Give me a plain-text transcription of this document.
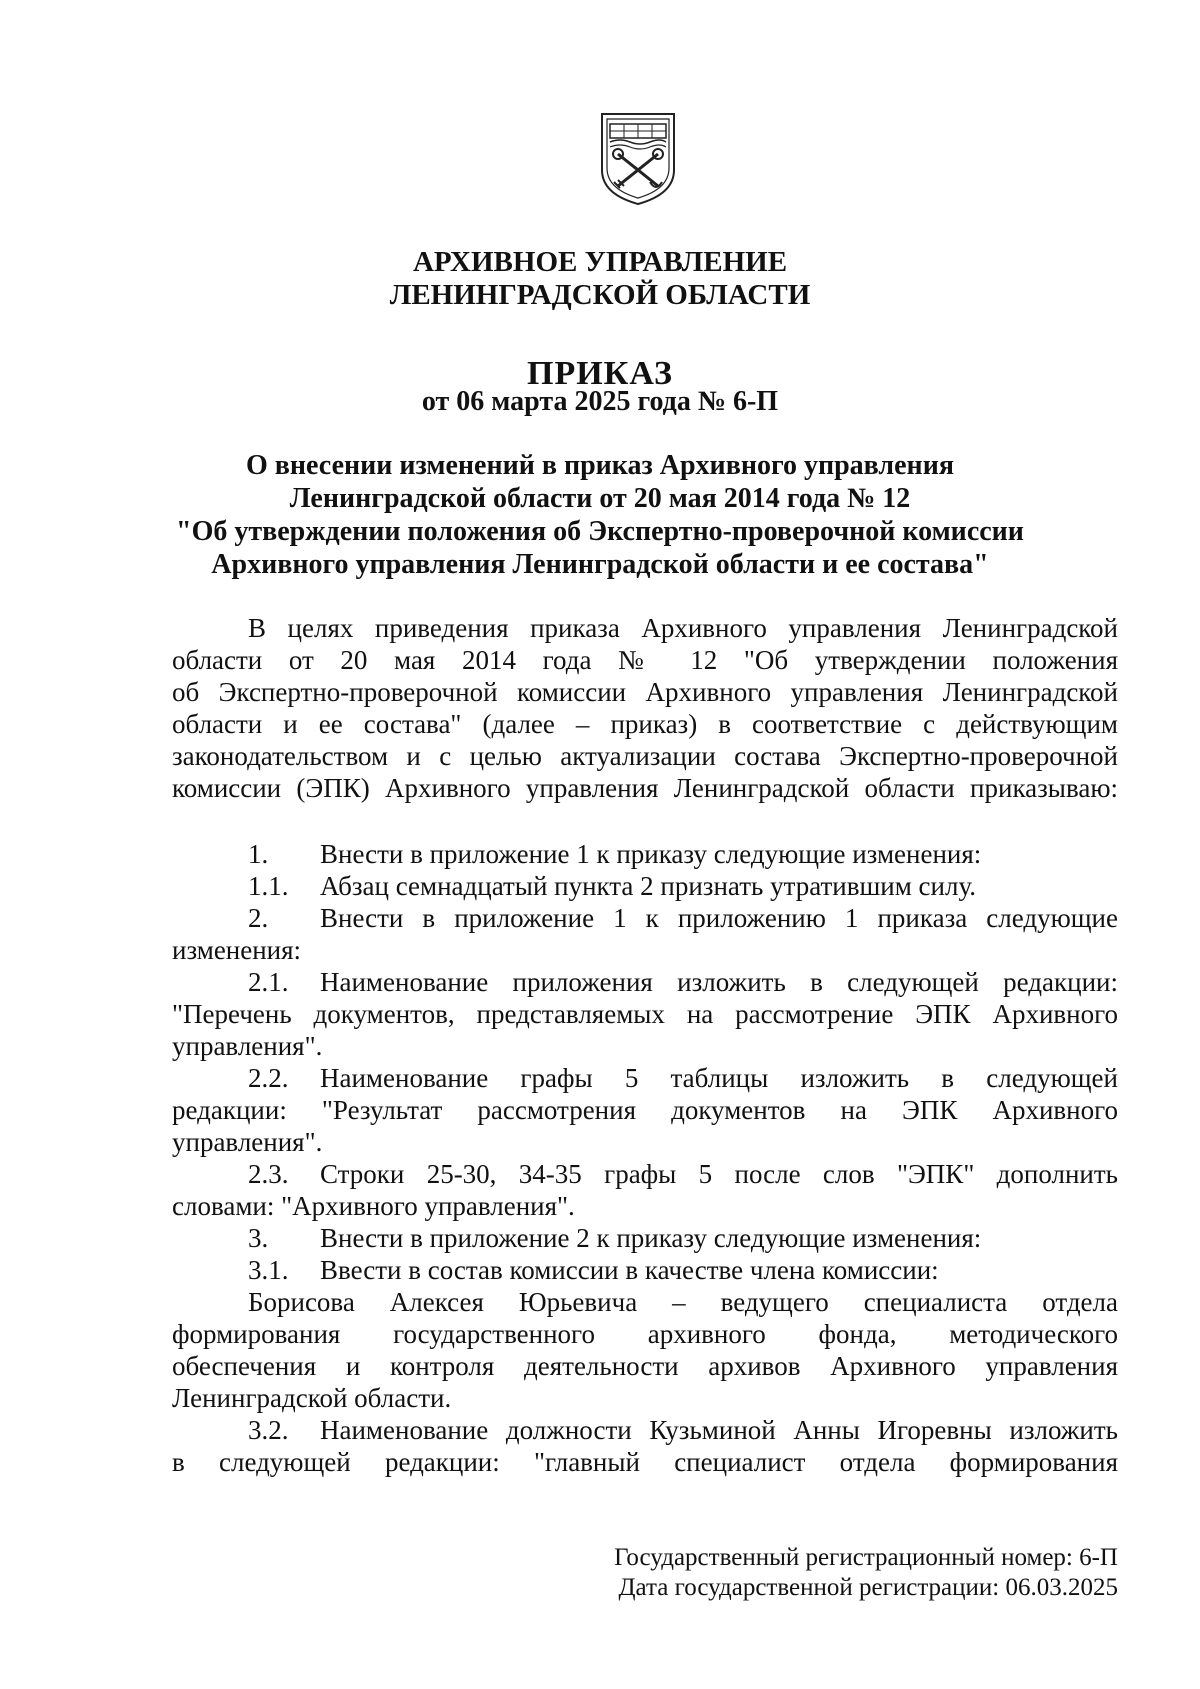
АРХИВНОЕ УПРАВЛЕНИЕ
ЛЕНИНГРАДСКОЙ ОБЛАСТИ
ПРИКАЗ
от 06 марта 2025 года № 6-П
О внесении изменений в приказ Архивного управления
Ленинградской области от 20 мая 2014 года № 12
"Об утверждении положения об Экспертно-проверочной комиссии
Архивного управления Ленинградской области и ее состава"
В целях приведения приказа Архивного управления Ленинградской
области от 20 мая 2014 года № 12 "Об утверждении положения
об Экспертно-проверочной комиссии Архивного управления Ленинградской
области и ее состава" (далее – приказ) в соответствие с действующим
законодательством и с целью актуализации состава Экспертно-проверочной
комиссии (ЭПК) Архивного управления Ленинградской области приказываю:
1. Внести в приложение 1 к приказу следующие изменения:
1.1. Абзац семнадцатый пункта 2 признать утратившим силу.
2. Внести в приложение 1 к приложению 1 приказа следующие
изменения:
2.1. Наименование приложения изложить в следующей редакции:
"Перечень документов, представляемых на рассмотрение ЭПК Архивного
управления".
2.2. Наименование графы 5 таблицы изложить в следующей
редакции: "Результат рассмотрения документов на ЭПК Архивного
управления".
2.3. Строки 25-30, 34-35 графы 5 после слов "ЭПК" дополнить
словами: "Архивного управления".
3. Внести в приложение 2 к приказу следующие изменения:
3.1. Ввести в состав комиссии в качестве члена комиссии:
Борисова Алексея Юрьевича – ведущего специалиста отдела
формирования государственного архивного фонда, методического
обеспечения и контроля деятельности архивов Архивного управления
Ленинградской области.
3.2. Наименование должности Кузьминой Анны Игоревны изложить
в следующей редакции: "главный специалист отдела формирования
Государственный регистрационный номер: 6-П
Дата государственной регистрации: 06.03.2025
